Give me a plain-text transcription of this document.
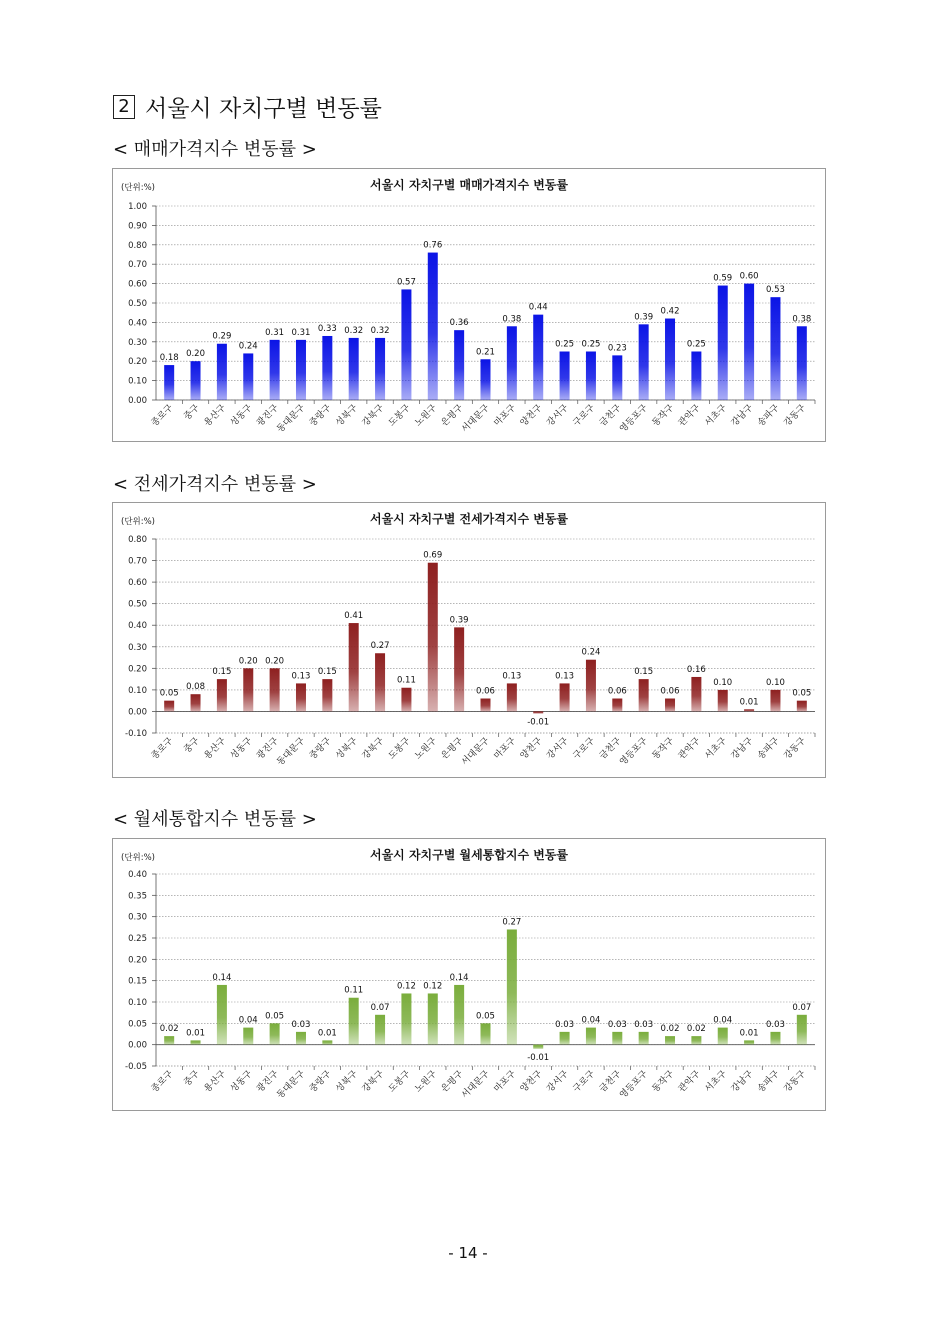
2 서울시 자치구별 변동률
< 매매가격지수 변동률 >
(단위:%)	서울시 자치구별 매매가격지수 변동률
1.00
0.90
0.80
0.70
0.60
0.50
0.40
0.30
0.20
0.10
0.00
0.18
종로구
0.20
중구
0.29
용산구
0.24
성동구
0.31
광진구
0.31
동대문구
0.33
중랑구
0.32
성북구
0.32
강북구
0.57
도봉구
0.76
노원구
0.36
은평구
0.21
서대문구
0.38
마포구
0.44
양천구
0.25
강서구
0.25
구로구
0.23
금천구
0.39
영등포구
0.42
동작구
0.25
관악구
0.59
서초구
0.60
강남구
0.53
송파구
0.38
강동구
< 전세가격지수 변동률 >
(단위:%)	서울시 자치구별 전세가격지수 변동률
0.80
0.70
0.60
0.50
0.40
0.30
0.20
0.10
0.00
-0.10
0.05
종로구
0.08
중구
0.15
용산구
0.20
성동구
0.20
광진구
0.13
동대문구
0.15
중랑구
0.41
성북구
0.27
강북구
0.11
도봉구
0.69
노원구
0.39
은평구
0.06
서대문구
0.13
마포구
-0.01
양천구
0.13
강서구
0.24
구로구
0.06
금천구
0.15
영등포구
0.06
동작구
0.16
관악구
0.10
서초구
0.01
강남구
0.10
송파구
0.05
강동구
< 월세통합지수 변동률 >
(단위:%)	서울시 자치구별 월세통합지수 변동률
0.40
0.35
0.30
0.25
0.20
0.15
0.10
0.05
0.00
-0.05
0.02
종로구
0.01
중구
0.14
용산구
0.04
성동구
0.05
광진구
0.03
동대문구
0.01
중랑구
0.11
성북구
0.07
강북구
0.12
도봉구
0.12
노원구
0.14
은평구
0.05
서대문구
0.27
마포구
-0.01
양천구
0.03
강서구
0.04
구로구
0.03
금천구
0.03
영등포구
0.02
동작구
0.02
관악구
0.04
서초구
0.01
강남구
0.03
송파구
0.07
강동구
- 14 -
